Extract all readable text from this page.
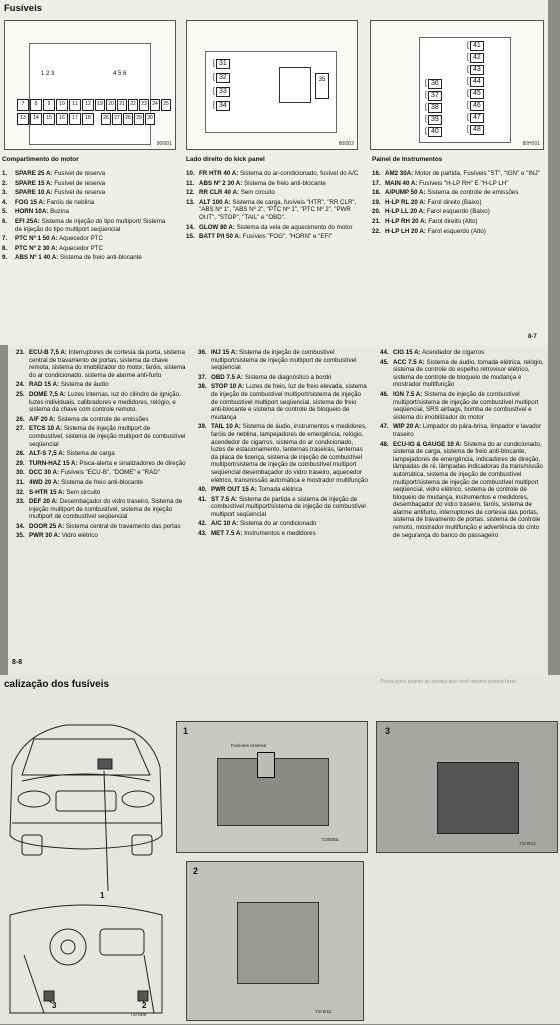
Fusíveis
1 2 3	4 5 6
7	8	9	10	11	12	19	20	21	22	23	24	25
13	14	15	16	17	18	26	27	28	29	30
80I001
[ 31
[ 32
[ 33
[ 34
35
80I002
[ 36
[ 37
[ 38
[ 39
[ 40
[ 41
[ 42
[ 43
[ 44
[ 45
[ 46
[ 47
[ 48
80H001
Compartimento do motor	Lado direito do kick panel	Painel de Instrumentos
1. SPARE 25 A: Fusível de reserva
2. SPARE 15 A: Fusível de reserva
3. SPARE 10 A: Fusível de reserva
4. FOG 15 A: Faróis de neblina
5. HORN 10A: Buzina
6. EFI 25A: Sistema de injeção do tipo multiport/ Sistema de injeção do tipo multiport seqüencial
7. PTC Nº 1 50 A: Aquecedor PTC
8. PTC Nº 2 30 A: Aquecedor PTC
9. ABS Nº 1 40 A: Sistema de freio anti-blocante
10. FR HTR 40 A: Sistema do ar-condicionado, fusível do A/C
11. ABS Nº 2 30 A: Sistema de freio anti-blocante
12. RR CLR 40 A: Sem circuito
13. ALT 100 A: Sistema de carga, fusíveis "HTR", "RR CLR", "ABS Nº 1", "ABS Nº 2", "PTC Nº 1", "PTC Nº 2", "PWR OUT", "STOP", "TAIL" e "OBD".
14. GLOW 80 A: Sistema da vela de aquecimento do motor
15. BATT P/I 50 A: Fusíveis "FOG", "HORN" e "EFI"
16. AM2 30A: Motor de partida, Fusíveis "ST", "IGN" e "INJ"
17. MAIN 40 A: Fusíveis "H-LP RH" E "H-LP LH"
18. A/PUMP 50 A: Sistema de controle de emissões
19. H-LP RL 20 A: Farol direito (Baixo)
20. H-LP LL 20 A: Farol esquerdo (Baixo)
21. H-LP RH 20 A: Farol direito (Alto)
22. H-LP LH 20 A: Farol esquerdo (Alto)
8-7
23. ECU-B 7,5 A: Interruptores de cortesia da porta, sistema central de travamento de portas, sistema da chave remota, sistema do imobilizador do motor, faróis, sistema do ar condicionado, sistema de alarme anti-furto
24. RAD 15 A: Sistema de áudio
25. DOME 7,5 A: Luzes internas, luz do cilindro de ignição, luzes individuais, calibradores e medidores, relógio, e sistema da chave com controle remoto.
26. A/F 20 A: Sistema de controle de emissões
27. ETCS 10 A: Sistema de injeção multiport de combustível, sistema de injeção multiport de combustível seqüencial
28. ALT-S 7,5 A: Sistema de carga
29. TURN-HAZ 15 A: Pisca-alerta e sinalizadores de direção
30. DCC 30 A: Fusíveis "ECU-B", "DOME" e "RAD"
31. 4WD 20 A: Sistema de freio anti-blocante
32. S-HTR 15 A: Sem circuito
33. DEF 20 A: Desembaçador do vidro traseiro, Sistema de injeção multiport de combustível, sistema de injeção multiport de combustível seqüencial
34. DOOR 25 A: Sistema central de travamento das portas
35. PWR 30 A: Vidro elétrico
36. INJ 15 A: Sistema de injeção de combustível multiport/sistema de injeção multiport de combustível seqüencial
37. OBD 7.5 A: Sistema de diagnóstico a bordo
38. STOP 10 A: Luzes de freio, luz de freio elevada, sistema de injeção de combustível multiport/sistema de injeção de combustível multiport seqüencial, sistema de freio anti-blocante e sistema de controle de bloqueio de mudança
39. TAIL 10 A: Sistema de áudio, instrumentos e medidores, faróis de neblina, lampejadores de emergência, relógio, acendedor de cigarros, sistema do ar condicionado, luzes de estacionamento, lanternas traseiras, lanternas da placa de licença, sistema de injeção de combustível multiport/sistema de injeção de combustível multiport seqüencial desembaçador do vidro traseiro, aquecedor elétrico, transmissão automática e mostrador multifunção
40. PWR OUT 15 A: Tomada elétrica
41. ST 7.5 A: Sistema de partida e sistema de injeção de combustível multiport/sistema de injeção de combustível multiport seqüencial
42. A/C 10 A: Sistema do ar condicionado
43. MET 7.5 A: Instrumentos e medidores
44. CIG 15 A: Acendedor de cigarros
45. ACC 7.5 A: Sistema de áudio, tomada elétrica, relógio, sistema de controle do espelho retrovisor elétrico, sistema de controle de bloqueio de mudança e mostrador multifunção
46. IGN 7.5 A: Sistema de injeção de combustível multiport/sistema de injeção de combustível multiport seqüencial, SRS airbags, bomba de combustível e sistema do imobilizador do motor
47. WIP 20 A: Limpador do pára-brisa, limpador e lavador traseiro
48. ECU-IG & GAUGE 10 A: Sistema do ar condicionado, sistema de carga, sistema de freio anti-blocante, lampejadores de emergência, indicadores de direção, lâmpadas de ré, lâmpadas indicadoras da transmissão automática, sistema de injeção de combustível multiport/sistema de injeção de combustível multiport seqüencial, vidro elétrico, sistema de controle de bloqueio de mudança, instrumentos e medidores, desembaçador do vidro traseiro, faróis, sistema de alarme antifurto, interruptores de cortesia das portas, sistema de travamento de portas, sistema de controle remoto, mostrador multifunção e advertência do cinto de segurança do banco do passageiro
8-8
calização dos fusíveis	Precauções quanto ao serviço que você mesmo poderá fazer
1
3	2
71F009
1
Fusíveis reserva
71I005a
3
71H012
2
71H011
